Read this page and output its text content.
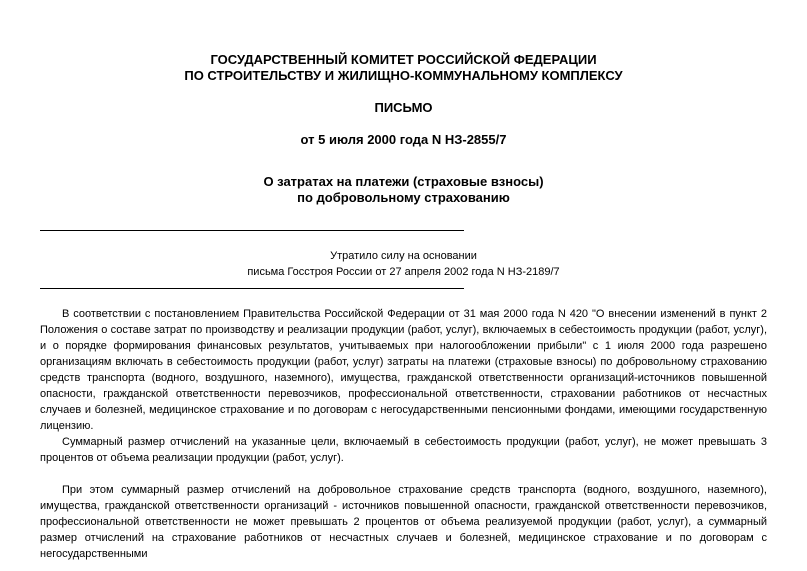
ГОСУДАРСТВЕННЫЙ КОМИТЕТ РОССИЙСКОЙ ФЕДЕРАЦИИ
ПО СТРОИТЕЛЬСТВУ И ЖИЛИЩНО-КОММУНАЛЬНОМУ КОМПЛЕКСУ
ПИСЬМО
от 5 июля 2000 года N НЗ-2855/7
О затратах на платежи (страховые взносы)
по добровольному страхованию
Утратило силу на основании
письма Госстроя России от 27 апреля 2002 года N НЗ-2189/7

В соответствии с постановлением Правительства Российской Федерации от 31 мая 2000 года N 420 "О внесении изменений в пункт 2 Положения о составе затрат по производству и реализации продукции (работ, услуг), включаемых в себестоимость продукции (работ, услуг), и о порядке формирования финансовых результатов, учитываемых при налогообложении прибыли" с 1 июля 2000 года разрешено организациям включать в себестоимость продукции (работ, услуг) затраты на платежи (страховые взносы) по добровольному страхованию средств транспорта (водного, воздушного, наземного), имущества, гражданской ответственности организаций-источников повышенной опасности, гражданской ответственности перевозчиков, профессиональной ответственности, страховании работников от несчастных случаев и болезней, медицинское страхование и по договорам с негосударственными пенсионными фондами, имеющими государственную лицензию.

Суммарный размер отчислений на указанные цели, включаемый в себестоимость продукции (работ, услуг), не может превышать 3 процентов от объема реализации продукции (работ, услуг).

При этом суммарный размер отчислений на добровольное страхование средств транспорта (водного, воздушного, наземного), имущества, гражданской ответственности организаций - источников повышенной опасности, гражданской ответственности перевозчиков, профессиональной ответственности не может превышать 2 процентов от объема реализуемой продукции (работ, услуг), а суммарный размер отчислений на страхование работников от несчастных случаев и болезней, медицинское страхование и по договорам с негосударственными
